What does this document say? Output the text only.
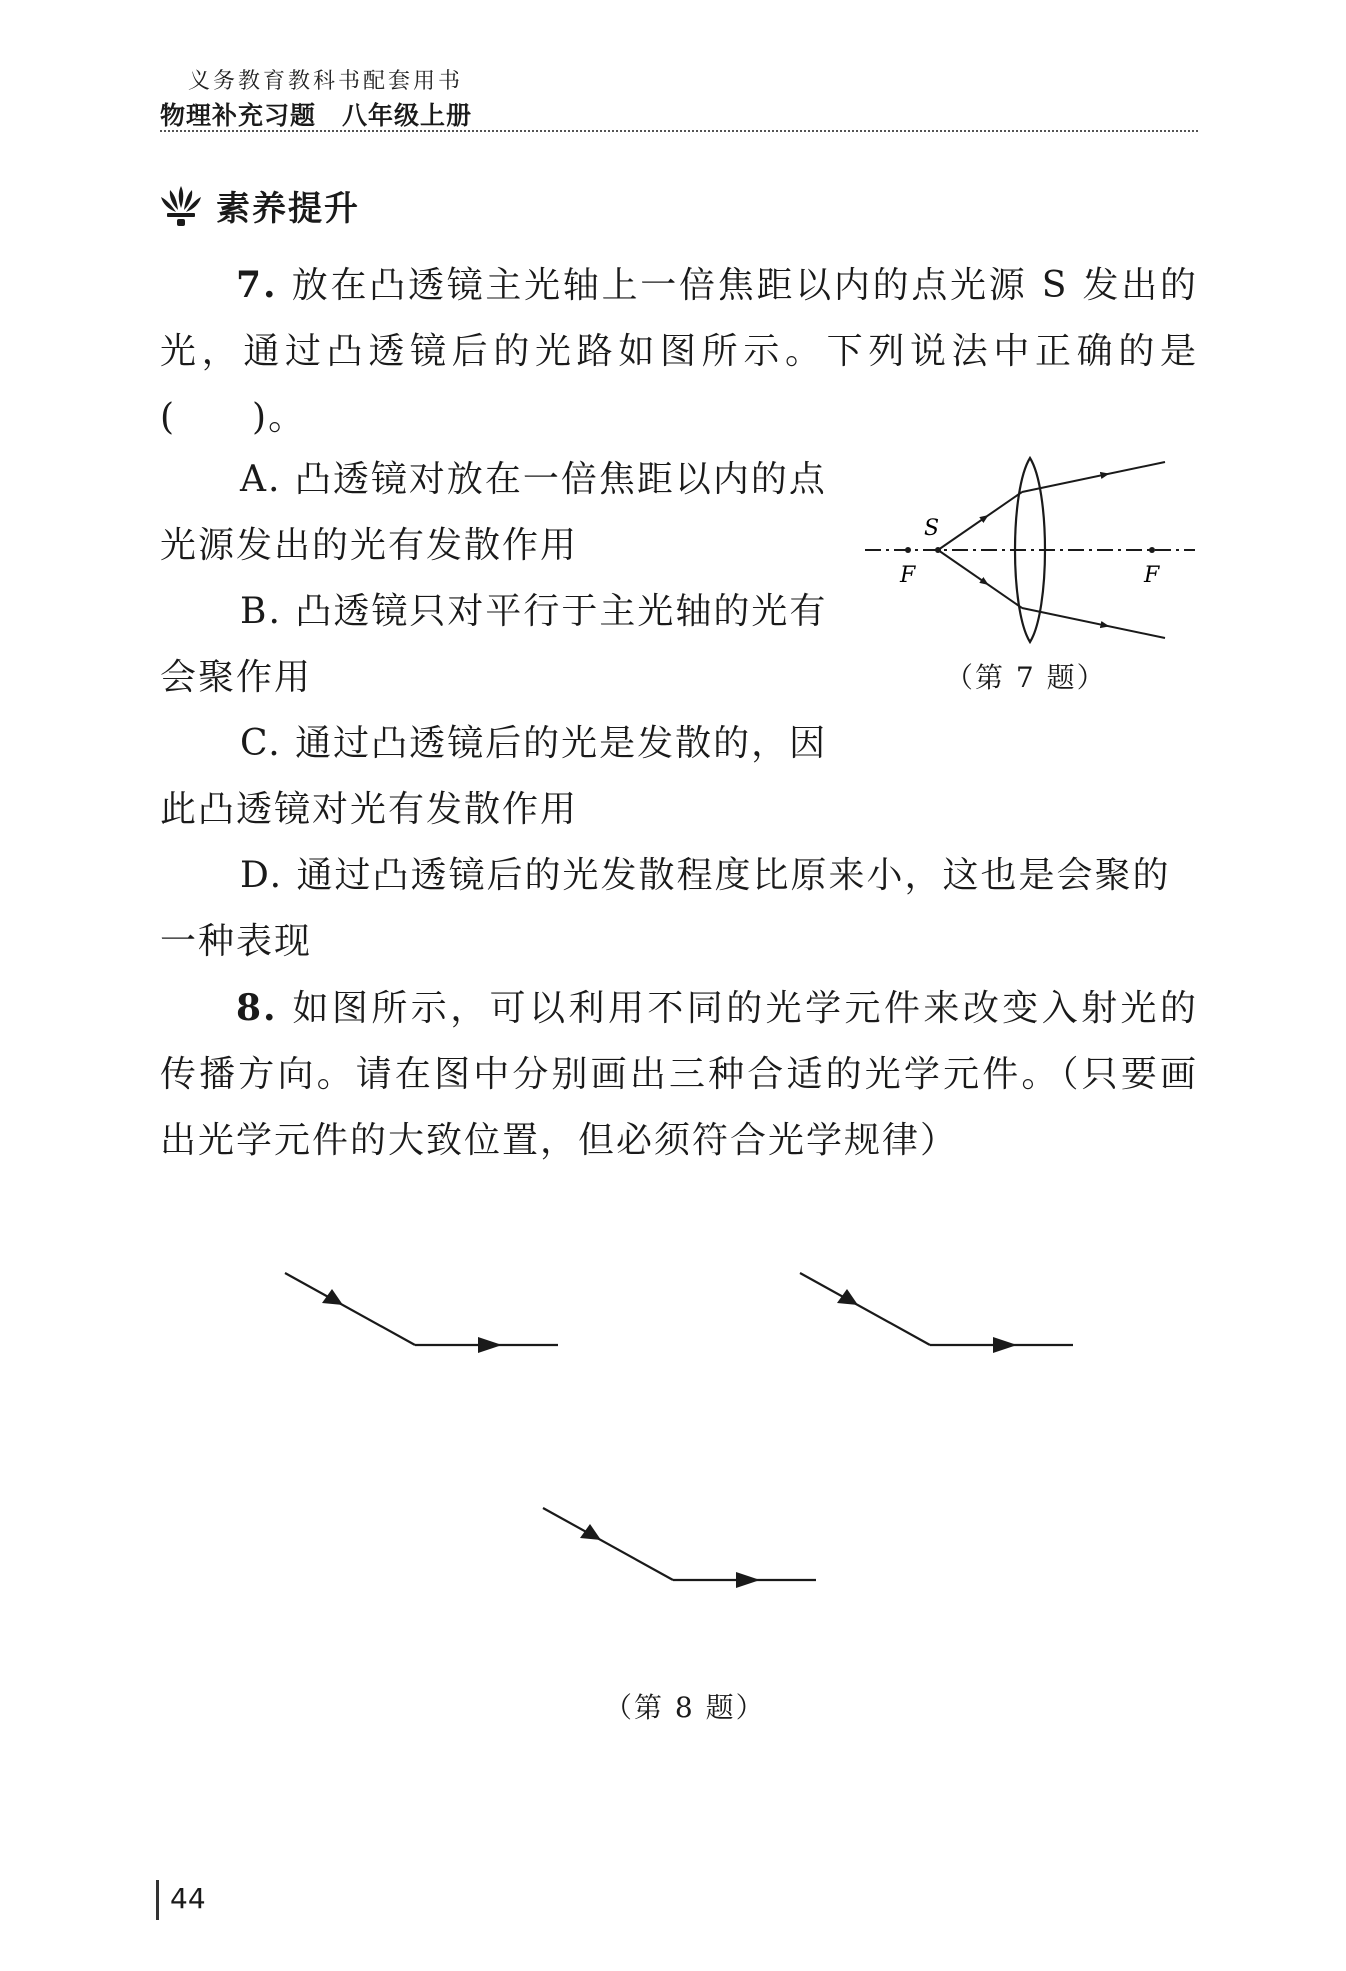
义务教育教科书配套用书
物理补充习题 八年级上册
素养提升

7. 放在凸透镜主光轴上一倍焦距以内的点光源 S 发出的光，通过凸透镜后的光路如图所示。下列说法中正确的是(　　)。

A. 凸透镜对放在一倍焦距以内的点光源发出的光有发散作用

B. 凸透镜只对平行于主光轴的光有会聚作用

C. 通过凸透镜后的光是发散的，因此凸透镜对光有发散作用

D. 通过凸透镜后的光发散程度比原来小，这也是会聚的一种表现

S
F	F
（第 7 题）

8. 如图所示，可以利用不同的光学元件来改变入射光的传播方向。请在图中分别画出三种合适的光学元件。（只要画出光学元件的大致位置，但必须符合光学规律）

（第 8 题）
44
